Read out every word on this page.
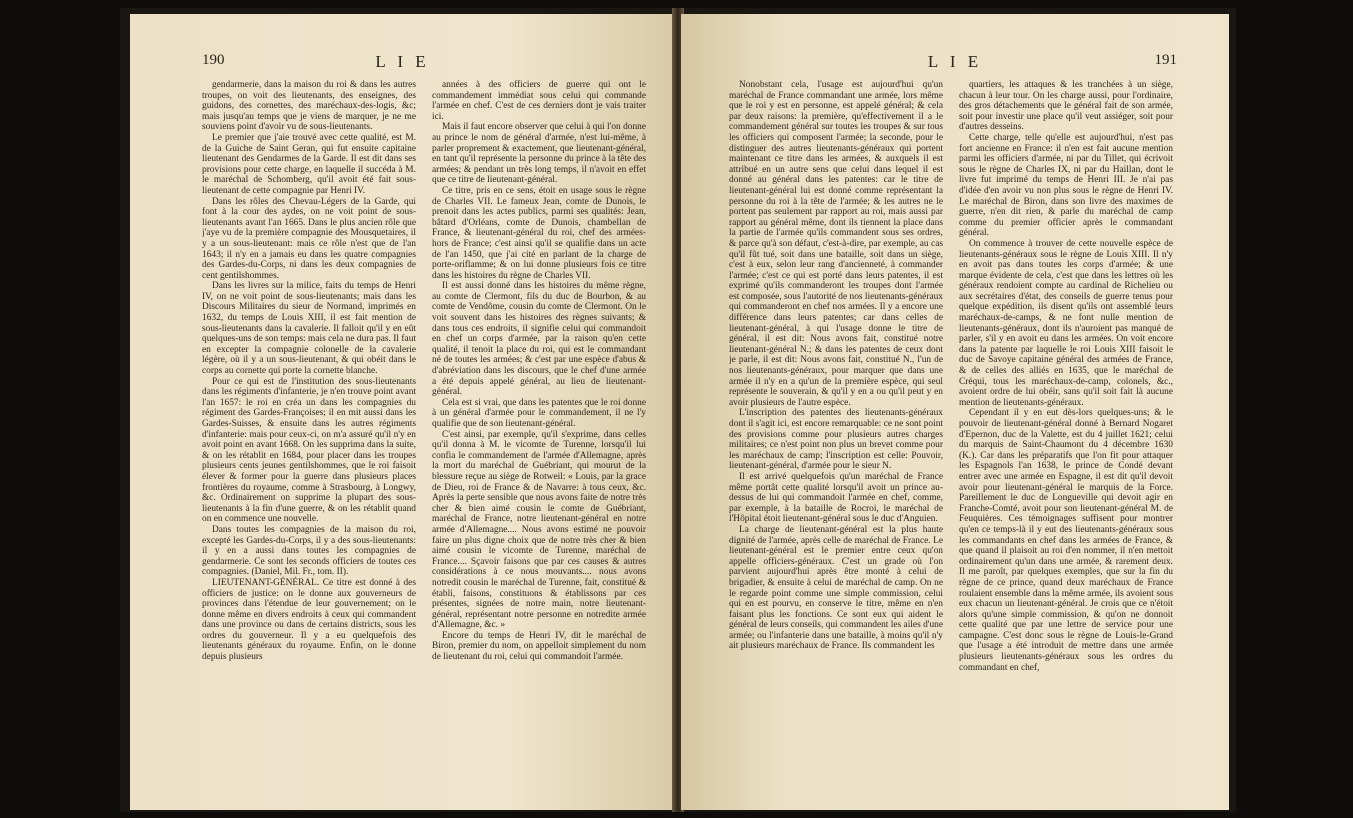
190	L I E

gendarmerie, dans la maison du roi & dans les autres troupes, on voit des lieutenants, des enseignes, des guidons, des cornettes, des maréchaux-des-logis, &c; mais jusqu'au temps que je viens de marquer, je ne me souviens point d'avoir vu de sous-lieutenants.

Le premier que j'aie trouvé avec cette qualité, est M. de la Guiche de Saint Geran, qui fut ensuite capitaine lieutenant des Gendarmes de la Garde. Il est dit dans ses provisions pour cette charge, en laquelle il succéda à M. le maréchal de Schomberg, qu'il avoit été fait sous-lieutenant de cette compagnie par Henri IV.

Dans les rôles des Chevau-Légers de la Garde, qui font à la cour des aydes, on ne voit point de sous-lieutenants avant l'an 1665. Dans le plus ancien rôle que j'aye vu de la première compagnie des Mousquetaires, il y a un sous-lieutenant: mais ce rôle n'est que de l'an 1643; il n'y en a jamais eu dans les quatre compagnies des Gardes-du-Corps, ni dans les deux compagnies de cent gentilshommes.

Dans les livres sur la milice, faits du temps de Henri IV, on ne voit point de sous-lieutenants; mais dans les Discours Militaires du sieur de Normand, imprimés en 1632, du temps de Louis XIII, il est fait mention de sous-lieutenants dans la cavalerie. Il falloit qu'il y en eût quelques-uns de son temps: mais cela ne dura pas. Il faut en excepter la compagnie colonelle de la cavalerie légère, où il y a un sous-lieutenant, & qui obéit dans le corps au cornette qui porte la cornette blanche.

Pour ce qui est de l'institution des sous-lieutenants dans les régiments d'infanterie, je n'en trouve point avant l'an 1657: le roi en créa un dans les compagnies du régiment des Gardes-Françoises; il en mit aussi dans les Gardes-Suisses, & ensuite dans les autres régiments d'infanterie: mais pour ceux-ci, on m'a assuré qu'il n'y en avoit point en avant 1668. On les supprima dans la suite, & on les rétablit en 1684, pour placer dans les troupes plusieurs cents jeunes gentilshommes, que le roi faisoit élever & former pour la guerre dans plusieurs places frontières du royaume, comme à Strasbourg, à Longwy, &c. Ordinairement on supprime la plupart des sous-lieutenants à la fin d'une guerre, & on les rétablit quand on en commence une nouvelle.

Dans toutes les compagnies de la maison du roi, excepté les Gardes-du-Corps, il y a des sous-lieutenants: il y en a aussi dans toutes les compagnies de gendarmerie. Ce sont les seconds officiers de toutes ces compagnies. (Daniel, Mil. Fr., tom. II).

LIEUTENANT-GÉNÉRAL. Ce titre est donné à des officiers de justice: on le donne aux gouverneurs de provinces dans l'étendue de leur gouvernement; on le donne même en divers endroits à ceux qui commandent dans une province ou dans de certains districts, sous les ordres du gouverneur. Il y a eu quelquefois des lieutenants généraux du royaume. Enfin, on le donne depuis plusieurs

années à des officiers de guerre qui ont le commandement immédiat sous celui qui commande l'armée en chef. C'est de ces derniers dont je vais traiter ici.

Mais il faut encore observer que celui à qui l'on donne au prince le nom de général d'armée, n'est lui-même, à parler proprement & exactement, que lieutenant-général, en tant qu'il représente la personne du prince à la tête des armées; & pendant un très long temps, il n'avoit en effet que ce titre de lieutenant-général.

Ce titre, pris en ce sens, étoit en usage sous le règne de Charles VII. Le fameux Jean, comte de Dunois, le prenoit dans les actes publics, parmi ses qualités: Jean, bâtard d'Orléans, comte de Dunois, chambellan de France, & lieutenant-général du roi, chef des armées-hors de France; c'est ainsi qu'il se qualifie dans un acte de l'an 1450, que j'ai cité en parlant de la charge de porte-oriflamme; & on lui donne plusieurs fois ce titre dans les histoires du règne de Charles VII.

Il est aussi donné dans les histoires du même règne, au comte de Clermont, fils du duc de Bourbon, & au comte de Vendôme, cousin du comte de Clermont. On le voit souvent dans les histoires des règnes suivants; & dans tous ces endroits, il signifie celui qui commandoit en chef un corps d'armée, par la raison qu'en cette qualité, il tenoit la place du roi, qui est le commandant né de toutes les armées; & c'est par une espèce d'abus & d'abréviation dans les discours, que le chef d'une armée a été depuis appelé général, au lieu de lieutenant-général.

Cela est si vrai, que dans les patentes que le roi donne à un général d'armée pour le commandement, il ne l'y qualifie que de son lieutenant-général.

C'est ainsi, par exemple, qu'il s'exprime, dans celles qu'il donna à M. le vicomte de Turenne, lorsqu'il lui confia le commandement de l'armée d'Allemagne, après la mort du maréchal de Guébriant, qui mourut de la blessure reçue au siège de Rotweil: « Louis, par la grace de Dieu, roi de France & de Navarre: à tous ceux, &c. Après la perte sensible que nous avons faite de notre très cher & bien aimé cousin le comte de Guébriant, maréchal de France, notre lieutenant-général en notre armée d'Allemagne.... Nous avons estimé ne pouvoir faire un plus digne choix que de notre très cher & bien aimé cousin le vicomte de Turenne, maréchal de France.... Sçavoir faisons que par ces causes & autres considérations à ce nous mouvants.... nous avons notredit cousin le maréchal de Turenne, fait, constitué & établi, faisons, constituons & établissons par ces présentes, signées de notre main, notre lieutenant-général, représentant notre personne en notredite armée d'Allemagne, &c. »

Encore du temps de Henri IV, dit le maréchal de Biron, premier du nom, on appelloit simplement du nom de lieutenant du roi, celui qui commandoit l'armée.

L I E	191

Nonobstant cela, l'usage est aujourd'hui qu'un maréchal de France commandant une armée, lors même que le roi y est en personne, est appelé général; & cela par deux raisons: la première, qu'effectivement il a le commandement général sur toutes les troupes & sur tous les officiers qui composent l'armée; la seconde, pour le distinguer des autres lieutenants-généraux qui portent maintenant ce titre dans les armées, & auxquels il est attribué en un autre sens que celui dans lequel il est donné au général dans les patentes: car le titre de lieutenant-général lui est donné comme représentant la personne du roi à la tête de l'armée; & les autres ne le portent pas seulement par rapport au roi, mais aussi par rapport au général même, dont ils tiennent la place dans la partie de l'armée qu'ils commandent sous ses ordres, & parce qu'à son défaut, c'est-à-dire, par exemple, au cas qu'il fût tué, soit dans une bataille, soit dans un siège, c'est à eux, selon leur rang d'ancienneté, à commander l'armée; c'est ce qui est porté dans leurs patentes, il est exprimé qu'ils commanderont les troupes dont l'armée est composée, sous l'autorité de nos lieutenants-généraux qui commanderont en chef nos armées. Il y a encore une différence dans leurs patentes; car dans celles de lieutenant-général, à qui l'usage donne le titre de général, il est dit: Nous avons fait, constitué notre lieutenant-général N.; & dans les patentes de ceux dont je parle, il est dit: Nous avons fait, constitué N., l'un de nos lieutenants-généraux, pour marquer que dans une armée il n'y en a qu'un de la première espèce, qui seul représente le souverain, & qu'il y en a ou qu'il peut y en avoir plusieurs de l'autre espèce.

L'inscription des patentes des lieutenants-généraux dont il s'agit ici, est encore remarquable: ce ne sont point des provisions comme pour plusieurs autres charges militaires; ce n'est point non plus un brevet comme pour les maréchaux de camp; l'inscription est celle: Pouvoir, lieutenant-général, d'armée pour le sieur N.

Il est arrivé quelquefois qu'un maréchal de France même portât cette qualité lorsqu'il avoit un prince au-dessus de lui qui commandoit l'armée en chef, comme, par exemple, à la bataille de Rocroi, le maréchal de l'Hôpital étoit lieutenant-général sous le duc d'Anguien.

La charge de lieutenant-général est la plus haute dignité de l'armée, après celle de maréchal de France. Le lieutenant-général est le premier entre ceux qu'on appelle officiers-généraux. C'est un grade où l'on parvient aujourd'hui après être monté à celui de brigadier, & ensuite à celui de maréchal de camp. On ne le regarde point comme une simple commission, celui qui en est pourvu, en conserve le titre, même en n'en faisant plus les fonctions. Ce sont eux qui aident le général de leurs conseils, qui commandent les ailes d'une armée; ou l'infanterie dans une bataille, à moins qu'il n'y ait plusieurs maréchaux de France. Ils commandent les

quartiers, les attaques & les tranchées à un siège, chacun à leur tour. On les charge aussi, pour l'ordinaire, des gros détachements que le général fait de son armée, soit pour investir une place qu'il veut assiéger, soit pour d'autres desseins.

Cette charge, telle qu'elle est aujourd'hui, n'est pas fort ancienne en France: il n'en est fait aucune mention parmi les officiers d'armée, ni par du Tillet, qui écrivoit sous le règne de Charles IX, ni par du Haillan, dont le livre fut imprimé du temps de Henri III. Je n'ai pas d'idée d'en avoir vu non plus sous le règne de Henri IV. Le maréchal de Biron, dans son livre des maximes de guerre, n'en dit rien, & parle du maréchal de camp comme du premier officier après le commandant général.

On commence à trouver de cette nouvelle espèce de lieutenants-généraux sous le règne de Louis XIII. Il n'y en avoit pas dans toutes les corps d'armée; & une marque évidente de cela, c'est que dans les lettres où les généraux rendoient compte au cardinal de Richelieu ou aux secrétaires d'état, des conseils de guerre tenus pour quelque expédition, ils disent qu'ils ont assemblé leurs maréchaux-de-camps, & ne font nulle mention de lieutenants-généraux, dont ils n'auroient pas manqué de parler, s'il y en avoit eu dans les armées. On voit encore dans la patente par laquelle le roi Louis XIII faisoit le duc de Savoye capitaine général des armées de France, & de celles des alliés en 1635, que le maréchal de Créqui, tous les maréchaux-de-camp, colonels, &c., avoient ordre de lui obéir, sans qu'il soit fait là aucune mention de lieutenants-généraux.

Cependant il y en eut dès-lors quelques-uns; & le pouvoir de lieutenant-général donné à Bernard Nogaret d'Epernon, duc de la Valette, est du 4 juillet 1621; celui du marquis de Saint-Chaumont du 4 décembre 1630 (K.). Car dans les préparatifs que l'on fit pour attaquer les Espagnols l'an 1638, le prince de Condé devant entrer avec une armée en Espagne, il est dit qu'il devoit avoir pour lieutenant-général le marquis de la Force. Pareillement le duc de Longueville qui devoit agir en Franche-Comté, avoit pour son lieutenant-général M. de Feuquières. Ces témoignages suffisent pour montrer qu'en ce temps-là il y eut des lieutenants-généraux sous les commandants en chef dans les armées de France, & que quand il plaisoit au roi d'en nommer, il n'en mettoit ordinairement qu'un dans une armée, & rarement deux. Il me paroît, par quelques exemples, que sur la fin du règne de ce prince, quand deux maréchaux de France roulaient ensemble dans la même armée, ils avoient sous eux chacun un lieutenant-général. Je crois que ce n'étoit alors qu'une simple commission, & qu'on ne donnoit cette qualité que par une lettre de service pour une campagne. C'est donc sous le règne de Louis-le-Grand que l'usage a été introduit de mettre dans une armée plusieurs lieutenants-généraux sous les ordres du commandant en chef,
